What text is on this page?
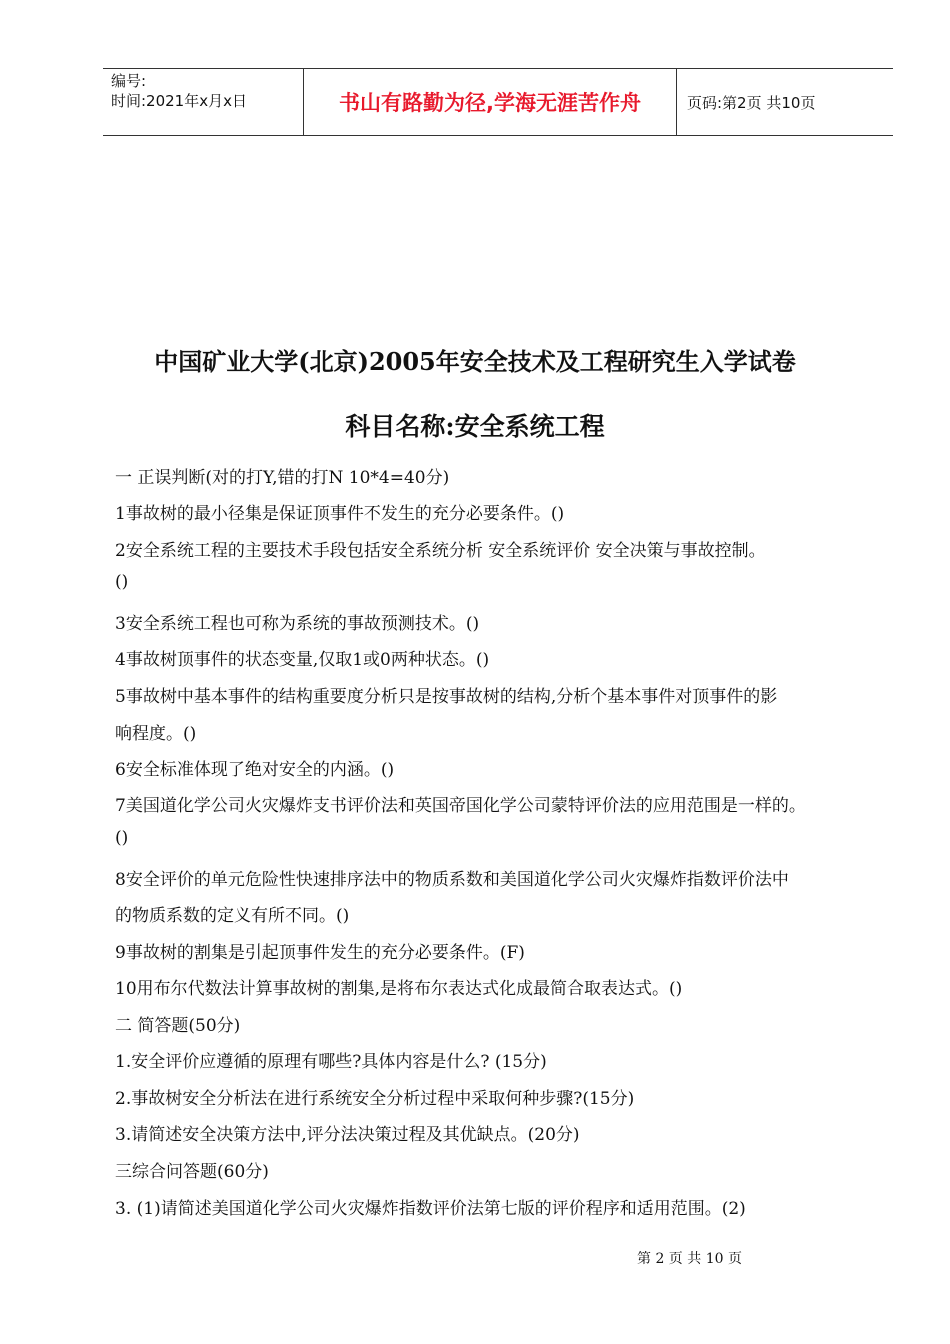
编号:
时间:2021年x月x日	书山有路勤为径,学海无涯苦作舟	页码:第2页 共10页
中国矿业大学(北京)2005年安全技术及工程研究生入学试卷
科目名称:安全系统工程
一 正误判断(对的打Y,错的打N 10*4=40分)
1事故树的最小径集是保证顶事件不发生的充分必要条件。()
2安全系统工程的主要技术手段包括安全系统分析 安全系统评价 安全决策与事故控制。
()
3安全系统工程也可称为系统的事故预测技术。()
4事故树顶事件的状态变量,仅取1或0两种状态。()
5事故树中基本事件的结构重要度分析只是按事故树的结构,分析个基本事件对顶事件的影
响程度。()
6安全标准体现了绝对安全的内涵。()
7美国道化学公司火灾爆炸支书评价法和英国帝国化学公司蒙特评价法的应用范围是一样的。
()
8安全评价的单元危险性快速排序法中的物质系数和美国道化学公司火灾爆炸指数评价法中
的物质系数的定义有所不同。()
9事故树的割集是引起顶事件发生的充分必要条件。(F)
10用布尔代数法计算事故树的割集,是将布尔表达式化成最简合取表达式。()
二 简答题(50分)
1.安全评价应遵循的原理有哪些?具体内容是什么? (15分)
2.事故树安全分析法在进行系统安全分析过程中采取何种步骤?(15分)
3.请简述安全决策方法中,评分法决策过程及其优缺点。(20分)
三综合问答题(60分)
3. (1)请简述美国道化学公司火灾爆炸指数评价法第七版的评价程序和适用范围。(2)
第 2 页 共 10 页
